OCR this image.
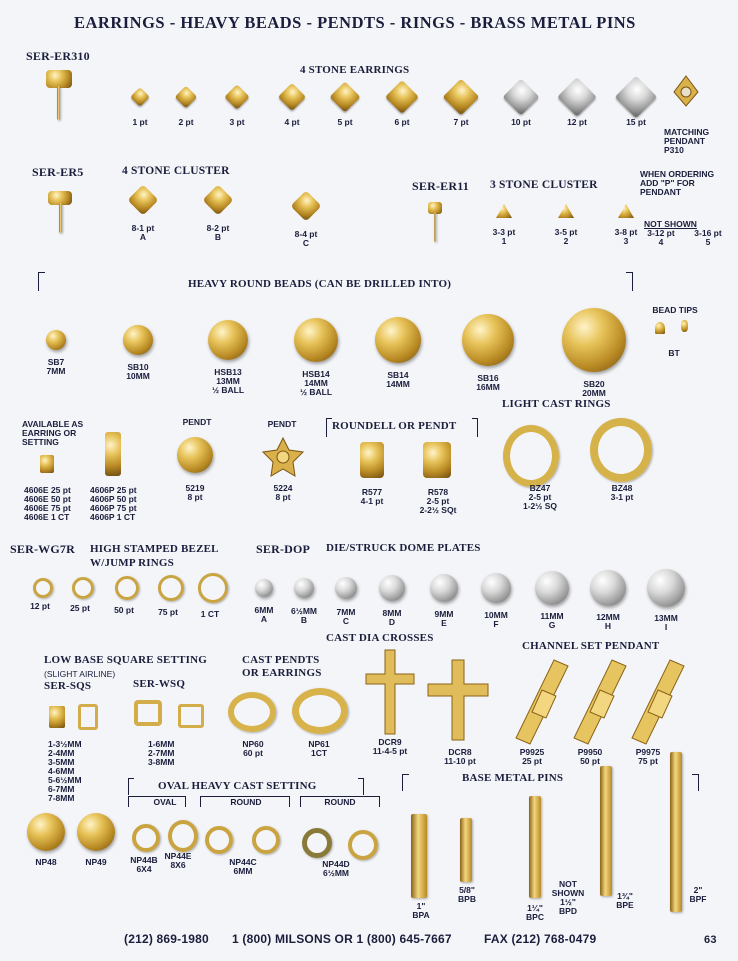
EARRINGS - HEAVY BEADS - PENDTS - RINGS - BRASS METAL PINS
SER-ER310
4 STONE EARRINGS
MATCHING
PENDANT
P310
SER-ER5	4 STONE CLUSTER
SER-ER11 3 STONE CLUSTER
WHEN ORDERING
ADD "P" FOR
PENDANT
NOT SHOWN
3-12 pt
4
3-16 pt
5
HEAVY ROUND BEADS (CAN BE DRILLED INTO)
BEAD TIPS
BT
AVAILABLE AS
EARRING OR
SETTING
4606E 25 pt
4606E 50 pt
4606E 75 pt
4606E 1 CT
4606P 25 pt
4606P 50 pt
4606P 75 pt
4606P 1 CT
PENDT
5219
8 pt
PENDT
5224
8 pt
ROUNDELL OR PENDT
R577
4-1 pt
R578
2-5 pt
2-2½ SQt
LIGHT CAST RINGS
BZ47
2-5 pt
1-2½ SQ
BZ48
3-1 pt
SER-WG7R HIGH STAMPED BEZEL
W/JUMP RINGS
SER-DOP DIE/STRUCK DOME PLATES
CAST DIA CROSSES
DCR9
11-4-5 pt	DCR8
11-10 pt
CHANNEL SET PENDANT
LOW BASE SQUARE SETTING
(SLIGHT AIRLINE)
SER-SQS	SER-WSQ
1-3½MM
2-4MM
3-5MM
4-6MM
5-6½MM
6-7MM
7-8MM
1-6MM
2-7MM
3-8MM
CAST PENDTS
OR EARRINGS
NP60
60 pt
NP61
1CT
OVAL HEAVY CAST SETTING
OVAL	ROUND	ROUND
NP48	NP49	NP44B
6X4
NP44E
8X6	NP44C
6MM
NP44D
6½MM
BASE METAL PINS
1"
BPA
5/8"
BPB
1¼"
BPC
NOT
SHOWN
1½"
BPD
1¾"
BPE
2"
BPF
(212) 869-1980 1 (800) MILSONS OR 1 (800) 645-7667	FAX (212) 768-0479	63
1 pt	2 pt	3 pt	4 pt	5 pt	6 pt	7 pt	10 pt	12 pt	15 pt
8-1 pt
A
8-2 pt
B	8-4 pt
C
3-3 pt
1
3-5 pt
2
3-8 pt
3
SB7
7MM	SB10
10MM	HSB13
13MM
½ BALL
HSB14
14MM
½ BALL
SB14
14MM
SB16
16MM	SB20
20MM
12 pt	25 pt	50 pt	75 pt	1 CT	6MM
A
6½MM
B
7MM
C
8MM
D
9MM
E
10MM
F
11MM
G
12MM
H
13MM
I
P9925
25 pt
P9950
50 pt
P9975
75 pt
